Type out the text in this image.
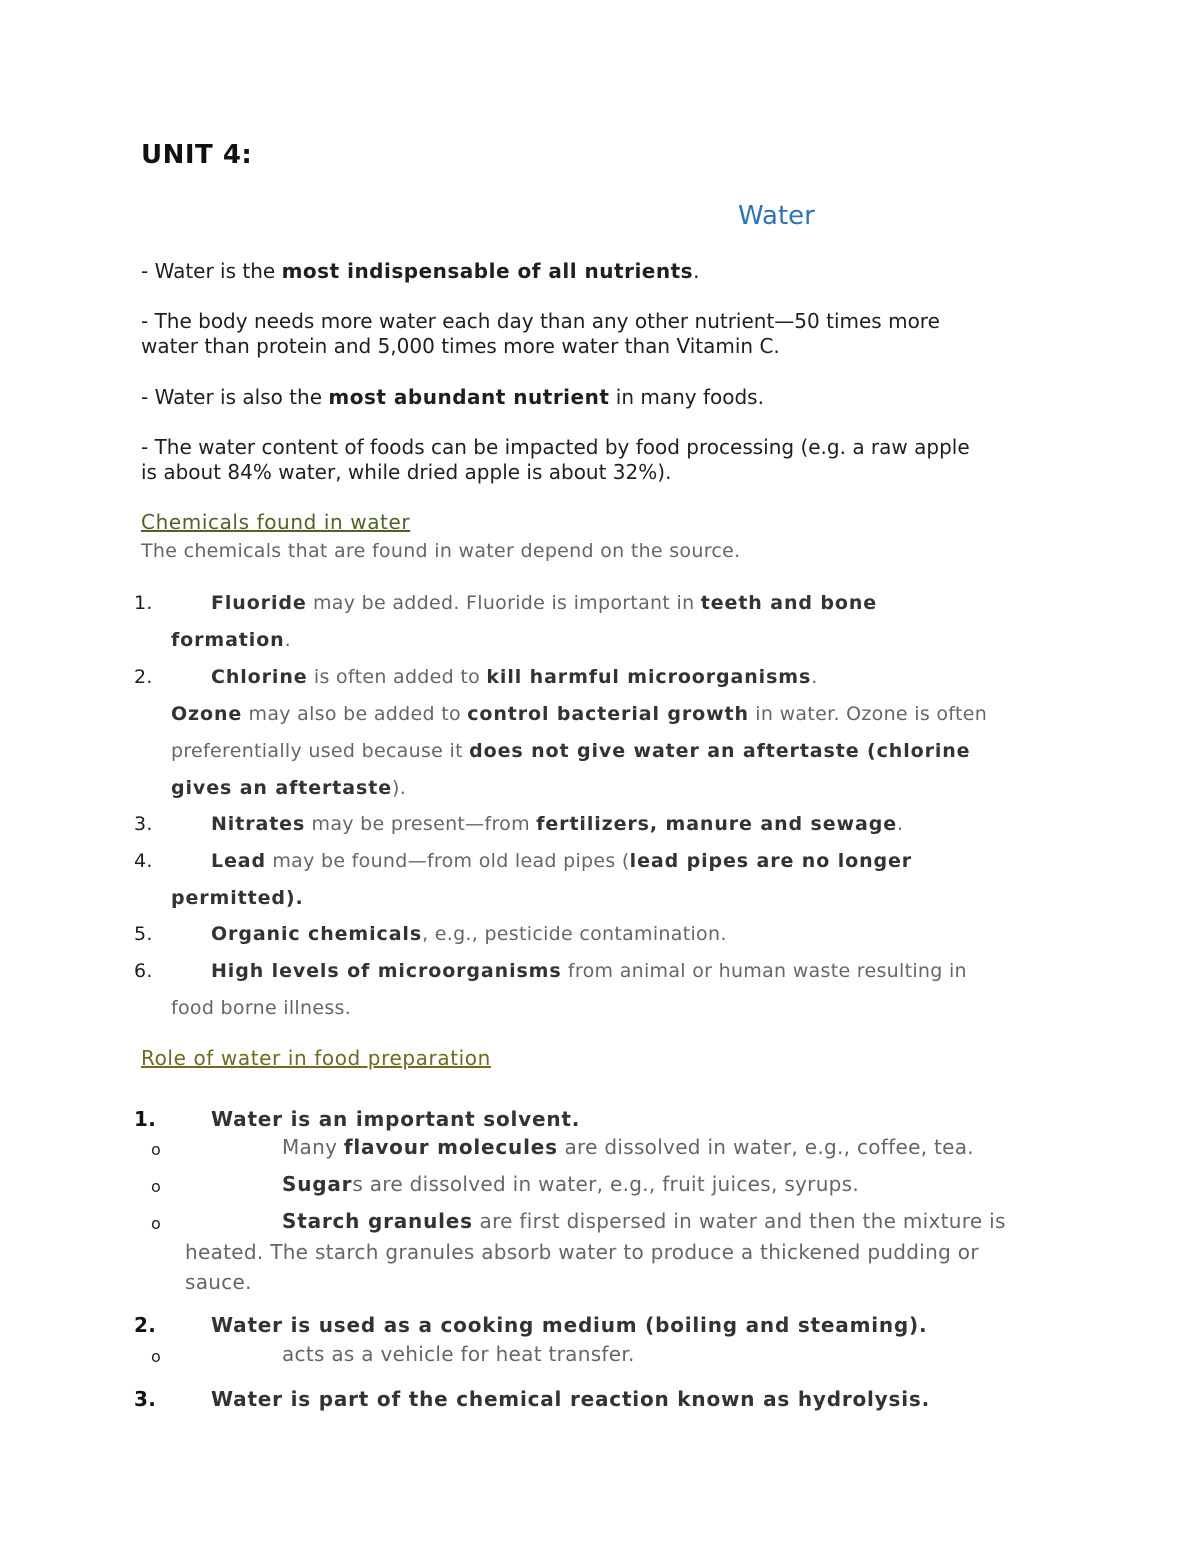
UNIT 4:
Water
- Water is the most indispensable of all nutrients.
- The body needs more water each day than any other nutrient—50 times more
water than protein and 5,000 times more water than Vitamin C.
- Water is also the most abundant nutrient in many foods.
- The water content of foods can be impacted by food processing (e.g. a raw apple
is about 84% water, while dried apple is about 32%).
Chemicals found in water
The chemicals that are found in water depend on the source.
1.	Fluoride may be added. Fluoride is important in teeth and bone
formation.
2.	Chlorine is often added to kill harmful microorganisms.
Ozone may also be added to control bacterial growth in water. Ozone is often
preferentially used because it does not give water an aftertaste (chlorine
gives an aftertaste).
3.	Nitrates may be present—from fertilizers, manure and sewage.
4.	Lead may be found—from old lead pipes (lead pipes are no longer
permitted).
5.	Organic chemicals, e.g., pesticide contamination.
6.	High levels of microorganisms from animal or human waste resulting in
food borne illness.
Role of water in food preparation
1.	Water is an important solvent.
o	Many flavour molecules are dissolved in water, e.g., coffee, tea.
o	Sugars are dissolved in water, e.g., fruit juices, syrups.
o	Starch granules are first dispersed in water and then the mixture is
heated. The starch granules absorb water to produce a thickened pudding or
sauce.
2.	Water is used as a cooking medium (boiling and steaming).
o	acts as a vehicle for heat transfer.
3.	Water is part of the chemical reaction known as hydrolysis.
